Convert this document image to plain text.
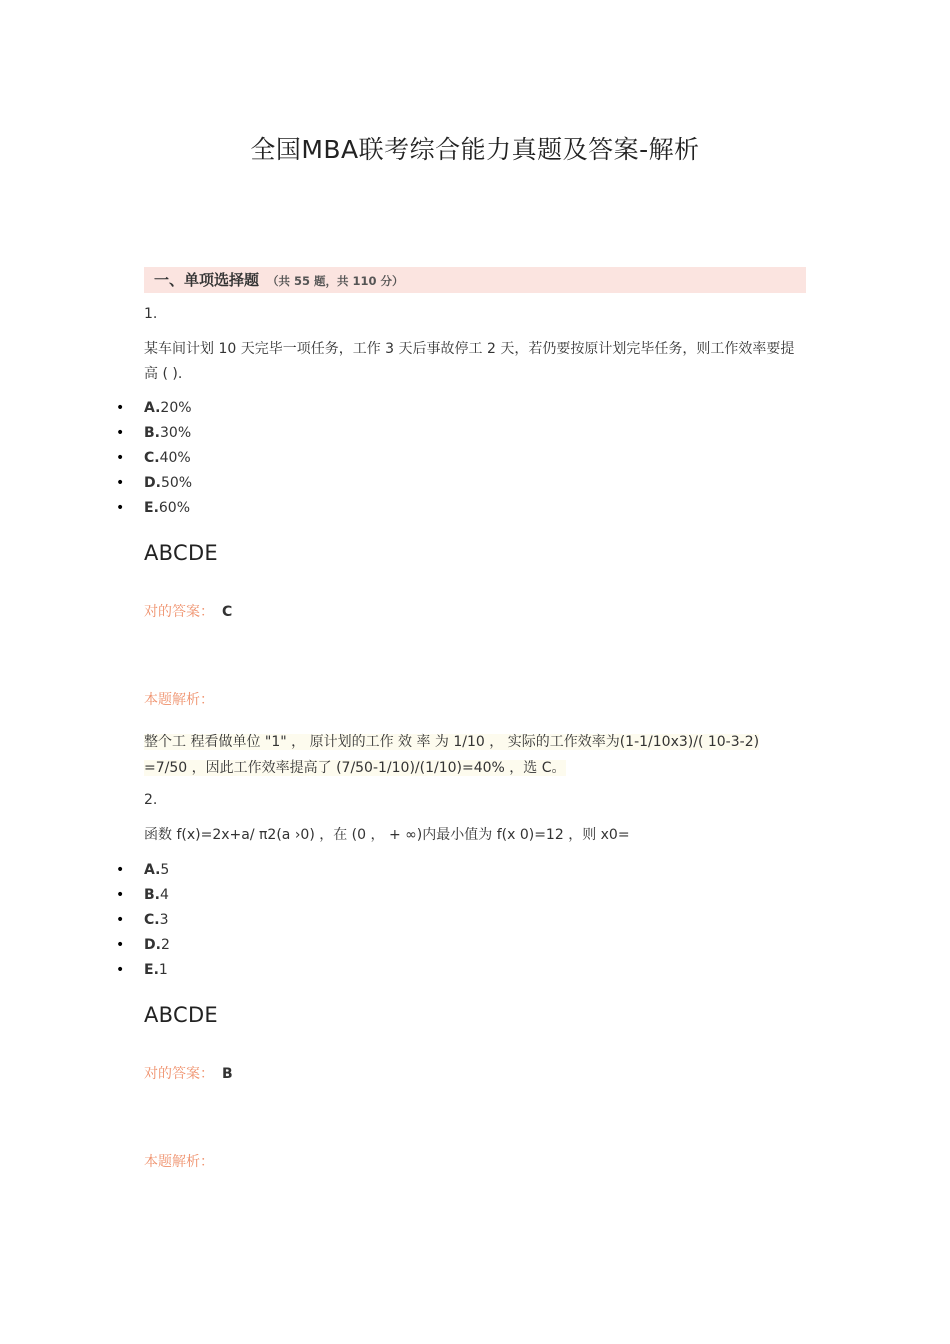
全国MBA联考综合能力真题及答案-解析
一、单项选择题 （共 55 题，共 110 分）
1.
某车间计划 10 天完毕一项任务，工作 3 天后事故停工 2 天，若仍要按原计划完毕任务，则工作效率要提高 ( ).
• A.20%
• B.30%
• C.40%
• D.50%
• E.60%
ABCDE
对的答案： C
本题解析：
整个工 程看做单位 "1" ， 原计划的工作 效 率 为 1/10 ， 实际的工作效率为(1-1/10x3)/( 10-3-2) =7/50 ，因此工作效率提高了 (7/50-1/10)/(1/10)=40% ，选 C。
2.
函数 f(x)=2x+a/ π2(a ›0) ，在 (0 ， + ∞)内最小值为 f(x 0)=12 ，则 x0=
• A.5
• B.4
• C.3
• D.2
• E.1
ABCDE
对的答案： B
本题解析：
